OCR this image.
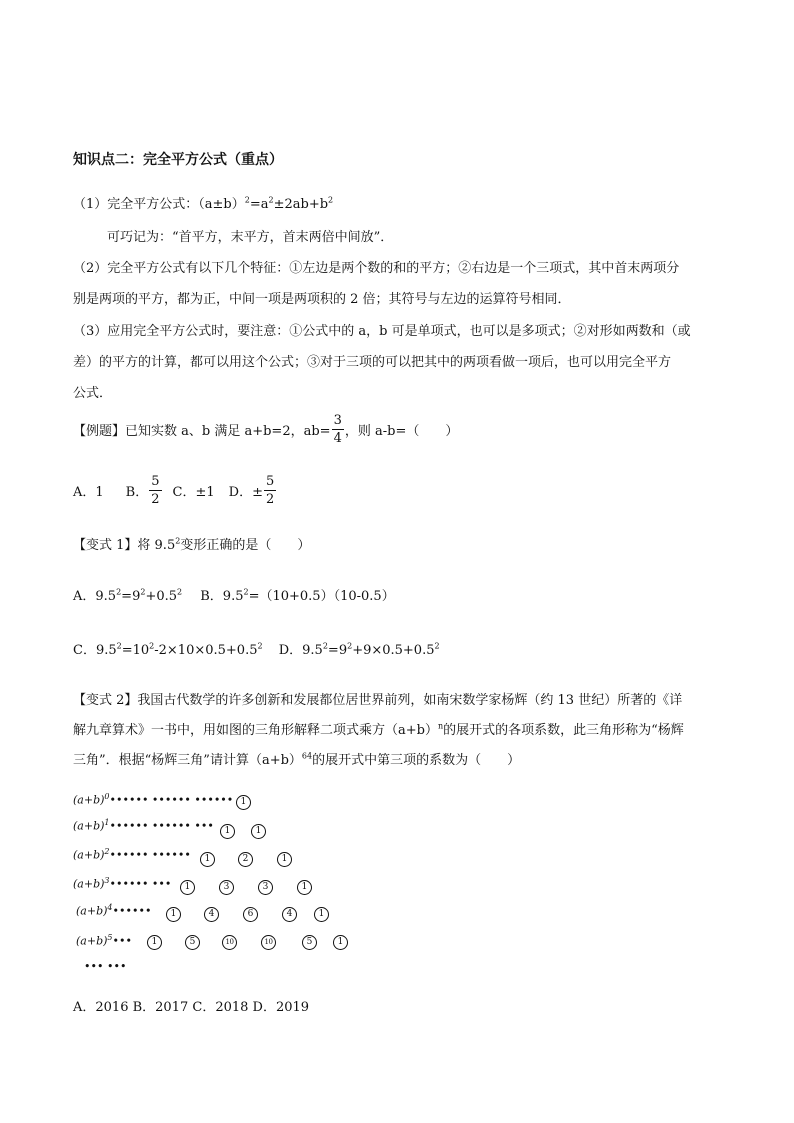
知识点二：完全平方公式（重点）
（1）完全平方公式：$(a\pm b)^2=a^2\pm 2ab+b^2$
可巧记为：“首平方，末平方，首末两倍中间放”．
（2）完全平方公式有以下几个特征：①左边是两个数的和的平方；②右边是一个三项式，其中首末两项分
别是两项的平方，都为正，中间一项是两项积的 2 倍；其符号与左边的运算符号相同．
（3）应用完全平方公式时，要注意：①公式中的 a，b 可是单项式，也可以是多项式；②对形如两数和（或
差）的平方的计算，都可以用这个公式；③对于三项的可以把其中的两项看做一项后，也可以用完全平方
公式．
【例题】已知实数 a、b 满足 a+b=2，$ab= \frac{3}{4}$ ，则 a-b=（　　）
A．1 B． $\frac{5}{2}$ C．±1 D．± $\frac{5}{2}$
【变式 1】将 $9.5^2$变形正确的是（　　）
A．$9.5^2=9^2+0.5^2$ B．$9.5^2=(10+0.5)(10-0.5)$
C．$9.5^2=10^2-2\times 10\times 0.5+0.5^2$ D．$9.5^2=9^2+9\times 0.5+0.5^2$
【变式 2】我国古代数学的许多创新和发展都位居世界前列，如南宋数学家杨辉（约 13 世纪）所著的《详
解九章算术》一书中，用如图的三角形解释二项式乘方$(a+b)^n$的展开式的各项系数，此三角形称为“杨辉
三角”．根据“杨辉三角”请计算$(a+b)^{64}$的展开式中第三项的系数为（　　）
$(a+b)^0••••••$ •••••• ••••••
$(a+b)^1••••••$ •••••• •••
$(a+b)^2••••••$ ••••••
$(a+b)^3••••••$ •••
$(a+b)^4••••••$
$(a+b)^5•••$
1
1	1
1	2	1
1	3	3	1
1	4	6	4	1
1	5	10	10	5	1
••• •••
A．2016 B．2017 C．2018 D．2019
